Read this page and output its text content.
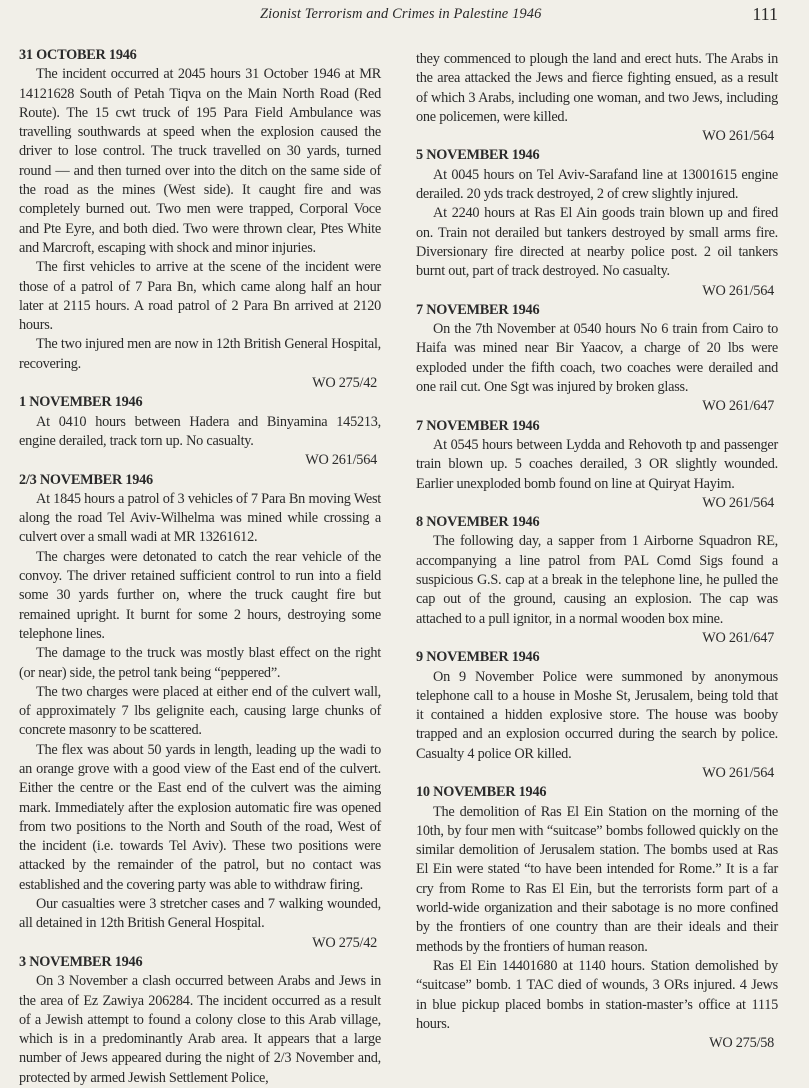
Zionist Terrorism and Crimes in Palestine 1946	111

31 OCTOBER 1946

The incident occurred at 2045 hours 31 October 1946 at MR 14121628 South of Petah Tiqva on the Main North Road (Red Route). The 15 cwt truck of 195 Para Field Ambulance was travelling southwards at speed when the explosion caused the driver to lose control. The truck travelled on 30 yards, turned round — and then turned over into the ditch on the same side of the road as the mines (West side). It caught fire and was completely burned out. Two men were trapped, Corporal Voce and Pte Eyre, and both died. Two were thrown clear, Ptes White and Marcroft, escaping with shock and minor injuries.

The first vehicles to arrive at the scene of the incident were those of a patrol of 7 Para Bn, which came along half an hour later at 2115 hours. A road patrol of 2 Para Bn arrived at 2120 hours.

The two injured men are now in 12th British General Hospital, recovering.

WO 275/42

1 NOVEMBER 1946

At 0410 hours between Hadera and Binyamina 145213, engine derailed, track torn up. No casualty.

WO 261/564

2/3 NOVEMBER 1946

At 1845 hours a patrol of 3 vehicles of 7 Para Bn moving West along the road Tel Aviv-Wilhelma was mined while crossing a culvert over a small wadi at MR 13261612.

The charges were detonated to catch the rear vehicle of the convoy. The driver retained sufficient control to run into a field some 30 yards further on, where the truck caught fire but remained upright. It burnt for some 2 hours, destroying some telephone lines.

The damage to the truck was mostly blast effect on the right (or near) side, the petrol tank being “peppered”.

The two charges were placed at either end of the culvert wall, of approximately 7 lbs gelignite each, causing large chunks of concrete masonry to be scattered.

The flex was about 50 yards in length, leading up the wadi to an orange grove with a good view of the East end of the culvert. Either the centre or the East end of the culvert was the aiming mark. Immediately after the explosion automatic fire was opened from two positions to the North and South of the road, West of the incident (i.e. towards Tel Aviv). These two positions were attacked by the remainder of the patrol, but no contact was established and the covering party was able to withdraw firing.

Our casualties were 3 stretcher cases and 7 walking wounded, all detained in 12th British General Hospital.

WO 275/42

3 NOVEMBER 1946

On 3 November a clash occurred between Arabs and Jews in the area of Ez Zawiya 206284. The incident occurred as a result of a Jewish attempt to found a colony close to this Arab village, which is in a predominantly Arab area. It appears that a large number of Jews appeared during the night of 2/3 November and, protected by armed Jewish Settlement Police,

they commenced to plough the land and erect huts. The Arabs in the area attacked the Jews and fierce fighting ensued, as a result of which 3 Arabs, including one woman, and two Jews, including one policemen, were killed.

WO 261/564

5 NOVEMBER 1946

At 0045 hours on Tel Aviv-Sarafand line at 13001615 engine derailed. 20 yds track destroyed, 2 of crew slightly injured.

At 2240 hours at Ras El Ain goods train blown up and fired on. Train not derailed but tankers destroyed by small arms fire. Diversionary fire directed at nearby police post. 2 oil tankers burnt out, part of track destroyed. No casualty.

WO 261/564

7 NOVEMBER 1946

On the 7th November at 0540 hours No 6 train from Cairo to Haifa was mined near Bir Yaacov, a charge of 20 lbs were exploded under the fifth coach, two coaches were derailed and one rail cut. One Sgt was injured by broken glass.

WO 261/647

7 NOVEMBER 1946

At 0545 hours between Lydda and Rehovoth tp and passenger train blown up. 5 coaches derailed, 3 OR slightly wounded. Earlier unexploded bomb found on line at Quiryat Hayim.

WO 261/564

8 NOVEMBER 1946

The following day, a sapper from 1 Airborne Squadron RE, accompanying a line patrol from PAL Comd Sigs found a suspicious G.S. cap at a break in the telephone line, he pulled the cap out of the ground, causing an explosion. The cap was attached to a pull ignitor, in a normal wooden box mine.

WO 261/647

9 NOVEMBER 1946

On 9 November Police were summoned by anonymous telephone call to a house in Moshe St, Jerusalem, being told that it contained a hidden explosive store. The house was booby trapped and an explosion occurred during the search by police. Casualty 4 police OR killed.

WO 261/564

10 NOVEMBER 1946

The demolition of Ras El Ein Station on the morning of the 10th, by four men with “suitcase” bombs followed quickly on the similar demolition of Jerusalem station. The bombs used at Ras El Ein were stated “to have been intended for Rome.” It is a far cry from Rome to Ras El Ein, but the terrorists form part of a world-wide organization and their sabotage is no more confined by the frontiers of one country than are their ideals and their methods by the frontiers of human reason.

Ras El Ein 14401680 at 1140 hours. Station demolished by “suitcase” bomb. 1 TAC died of wounds, 3 ORs injured. 4 Jews in blue pickup placed bombs in station-master’s office at 1115 hours.

WO 275/58
